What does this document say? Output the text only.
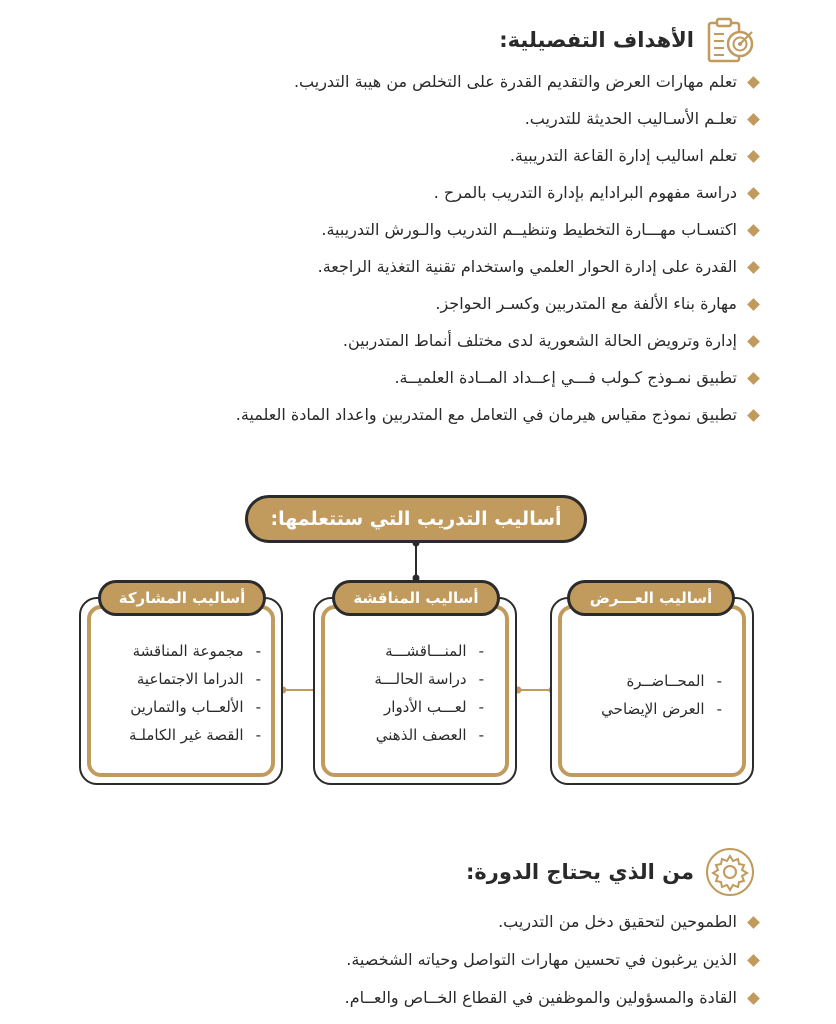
الأهداف التفصيلية:
تعلم مهارات العرض والتقديم القدرة على التخلص من هيبة التدريب.
تعلـم الأسـاليب الحديثة للتدريب.
تعلم اساليب إدارة القاعة التدريبية.
دراسة مفهوم البرادايم بإدارة التدريب بالمرح .
اكتسـاب مهـــارة التخطيط وتنظيــم التدريب والـورش التدريبية.
القدرة على إدارة الحوار العلمي واستخدام تقنية التغذية الراجعة.
مهارة بناء الألفة مع المتدربين وكسـر الحواجز.
إدارة وترويض الحالة الشعورية لدى مختلف أنماط المتدربين.
تطبيق نمـوذج كـولب فـــي إعــداد المــادة العلميــة.
تطبيق نموذج مقياس هيرمان في التعامل مع المتدربين واعداد المادة العلمية.
أساليب التدريب التي ستتعلمها:
أساليب العـــرض
-المحــاضــرة
-العرض الإيضاحي
أساليب المناقشة
-المنـــاقشـــة
-دراسة الحالـــة
-لعـــب الأدوار
-العصف الذهني
أساليب المشاركة
-مجموعة المناقشة
-الدراما الاجتماعية
-الألعــاب والتمارين
-القصة غير الكاملـة
من الذي يحتاج الدورة:
الطموحين لتحقيق دخل من التدريب.
الذين يرغبون في تحسين مهارات التواصل وحياته الشخصية.
القادة والمسؤولين والموظفين في القطاع الخــاص والعــام.
